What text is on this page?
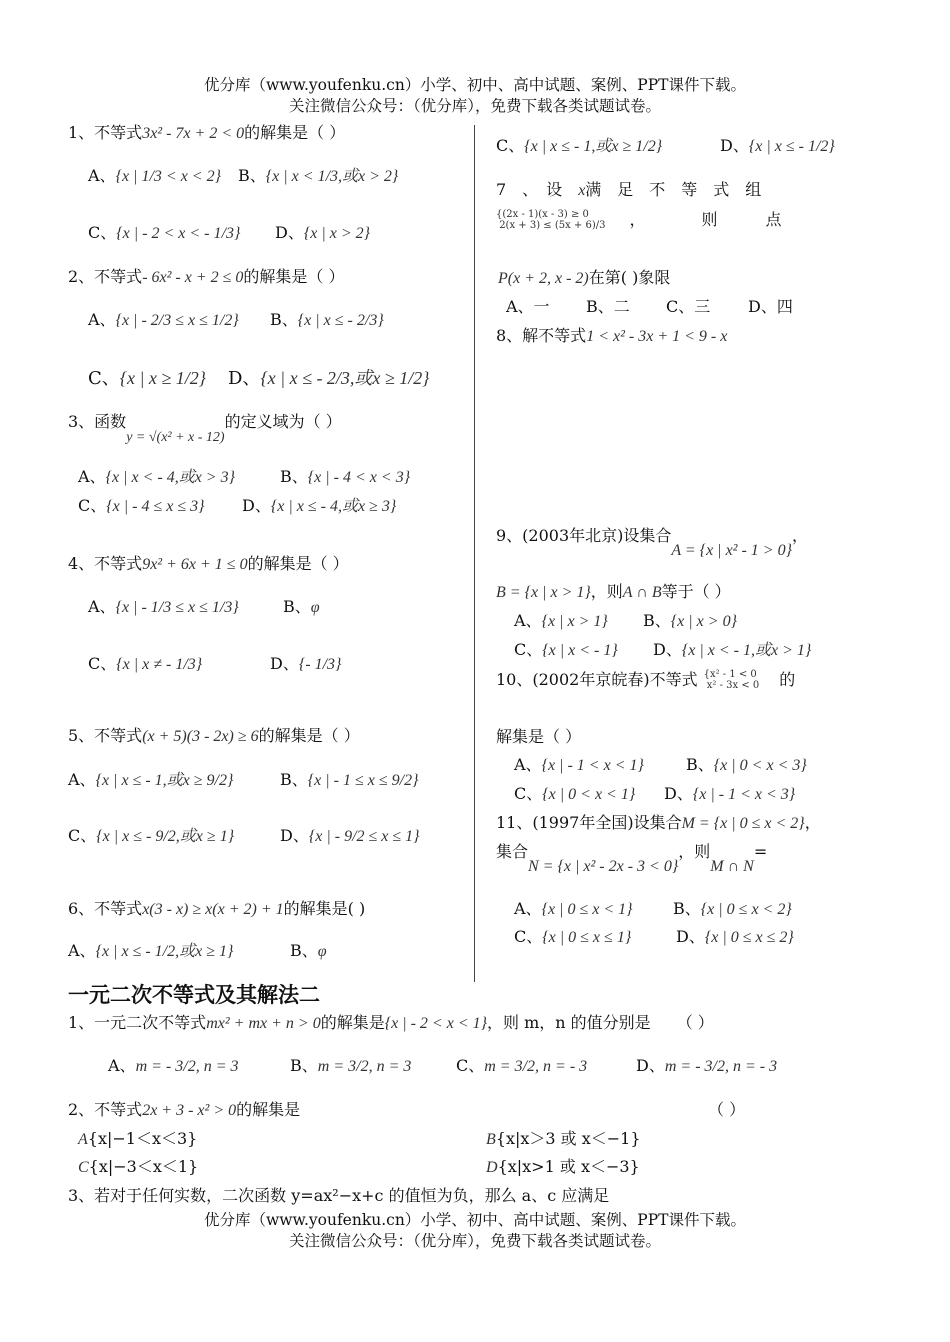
优分库（www.youfenku.cn）小学、初中、高中试题、案例、PPT课件下载。
关注微信公众号：（优分库），免费下载各类试题试卷。
1、不等式3x² - 7x + 2 < 0的解集是（ ）
A、{x | 1/3 < x < 2} B、{x | x < 1/3,或x > 2}
C、{x | - 2 < x < - 1/3} D、{x | x > 2}
2、不等式- 6x² - x + 2 ≤ 0的解集是（ ）
A、{x | - 2/3 ≤ x ≤ 1/2} B、{x | x ≤ - 2/3}
C、{x | x ≥ 1/2} D、{x | x ≤ - 2/3,或x ≥ 1/2}
3、函数y = √(x² + x - 12)的定义域为（ ）
A、{x | x < - 4,或x > 3}	B、{x | - 4 < x < 3}
C、{x | - 4 ≤ x ≤ 3} D、{x | x ≤ - 4,或x ≥ 3}
4、不等式9x² + 6x + 1 ≤ 0的解集是（ ）
A、{x | - 1/3 ≤ x ≤ 1/3}	B、φ
C、{x | x ≠ - 1/3}	D、{- 1/3}
5、不等式(x + 5)(3 - 2x) ≥ 6的解集是（ ）
A、{x | x ≤ - 1,或x ≥ 9/2}	B、{x | - 1 ≤ x ≤ 9/2}
C、{x | x ≤ - 9/2,或x ≥ 1}	D、{x | - 9/2 ≤ x ≤ 1}
6、不等式x(3 - x) ≥ x(x + 2) + 1的解集是( )
A、{x | x ≤ - 1/2,或x ≥ 1}	B、φ
C、{x | x ≤ - 1,或x ≥ 1/2}	D、{x | x ≤ - 1/2}
7　、　设　x满　足　不　等　式　组
{(2x - 1)(x - 3) ≥ 0
2(x + 3) ≤ (5x + 6)/3 ，　　　　则　　　点
P(x + 2, x - 2)在第( )象限
A、一 B、二 C、三 D、四
8、解不等式1 < x² - 3x + 1 < 9 - x
9、(2003年北京)设集合A = {x | x² - 1 > 0}，
B = {x | x > 1}，则A ∩ B等于（ ）
A、{x | x > 1} B、{x | x > 0}
C、{x | x < - 1} D、{x | x < - 1,或x > 1}
10、(2002年京皖春)不等式 {x² - 1 < 0
x² - 3x < 0 的
解集是（ ）
A、{x | - 1 < x < 1}	B、{x | 0 < x < 3}
C、{x | 0 < x < 1} D、{x | - 1 < x < 3}
11、(1997年全国)设集合M = {x | 0 ≤ x < 2}，
集合N = {x | x² - 2x - 3 < 0}，则M ∩ N=
A、{x | 0 ≤ x < 1}	B、{x | 0 ≤ x < 2}
C、{x | 0 ≤ x ≤ 1}	D、{x | 0 ≤ x ≤ 2}
一元二次不等式及其解法二
1、一元二次不等式mx² + mx + n > 0的解集是{x | - 2 < x < 1}，则 m，n 的值分别是 （ ）
A、m = - 3/2, n = 3	B、m = 3/2, n = 3	C、m = 3/2, n = - 3	D、m = - 3/2, n = - 3
2、不等式2x + 3 - x² > 0的解集是	（ ）
A{x|−1＜x＜3}	B{x|x＞3 或 x＜−1}
C{x|−3＜x＜1}	D{x|x>1 或 x＜−3}
3、若对于任何实数，二次函数 y=ax²−x+c 的值恒为负，那么 a、c 应满足
优分库（www.youfenku.cn）小学、初中、高中试题、案例、PPT课件下载。
关注微信公众号：（优分库），免费下载各类试题试卷。
